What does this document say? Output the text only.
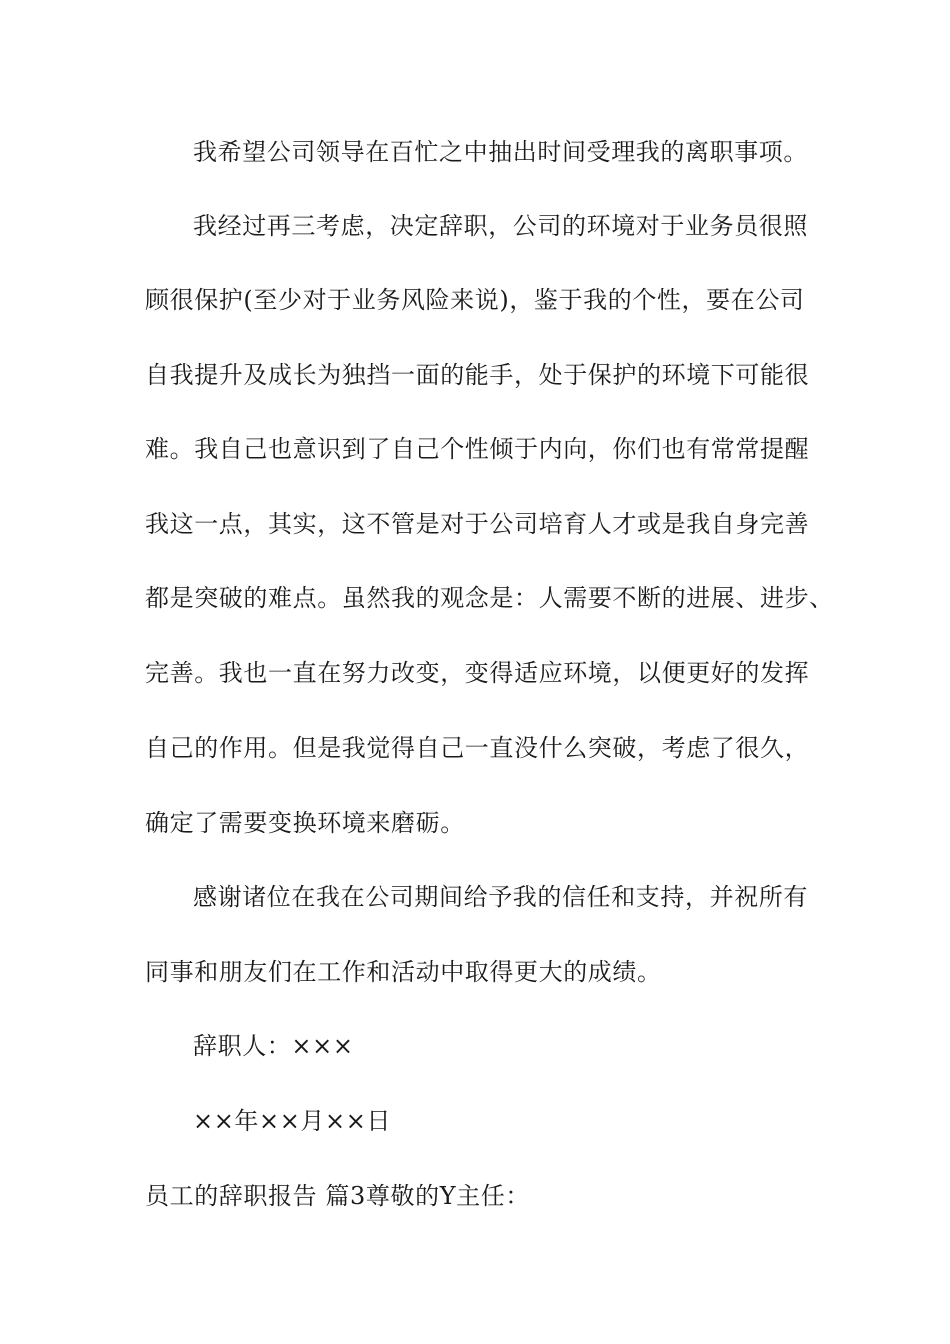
我希望公司领导在百忙之中抽出时间受理我的离职事项。
我经过再三考虑，决定辞职，公司的环境对于业务员很照
顾很保护(至少对于业务风险来说)，鉴于我的个性，要在公司
自我提升及成长为独挡一面的能手，处于保护的环境下可能很
难。我自己也意识到了自己个性倾于内向，你们也有常常提醒
我这一点，其实，这不管是对于公司培育人才或是我自身完善
都是突破的难点。虽然我的观念是：人需要不断的进展、进步、
完善。我也一直在努力改变，变得适应环境，以便更好的发挥
自己的作用。但是我觉得自己一直没什么突破，考虑了很久，
确定了需要变换环境来磨砺。
感谢诸位在我在公司期间给予我的信任和支持，并祝所有
同事和朋友们在工作和活动中取得更大的成绩。
辞职人：×××
××年××月××日
员工的辞职报告 篇3尊敬的Y主任：
